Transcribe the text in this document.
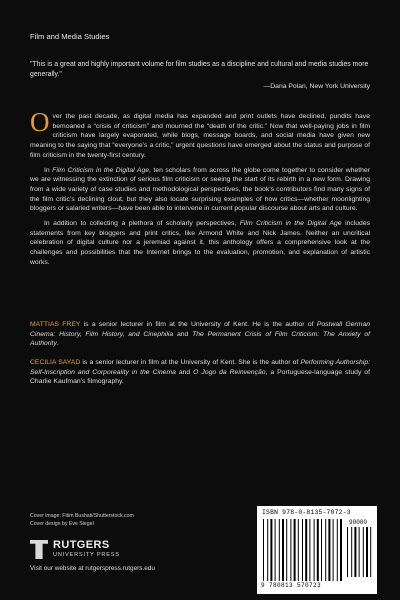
Film and Media Studies
"This is a great and highly important volume for film studies as a discipline and cultural and media studies more generally."
—Dana Polan, New York University

Over the past decade, as digital media has expanded and print outlets have declined, pundits have bemoaned a “crisis of criticism” and mourned the “death of the critic.” Now that well-paying jobs in film criticism have largely evaporated, while blogs, message boards, and social media have given new meaning to the saying that “everyone’s a critic,” urgent questions have emerged about the status and purpose of film criticism in the twenty-first century.

In Film Criticism in the Digital Age, ten scholars from across the globe come together to consider whether we are witnessing the extinction of serious film criticism or seeing the start of its rebirth in a new form. Drawing from a wide variety of case studies and methodological perspectives, the book’s contributors find many signs of the film critic’s declining clout, but they also locate surprising examples of how critics—whether moonlighting bloggers or salaried writers—have been able to intervene in current popular discourse about arts and culture.

In addition to collecting a plethora of scholarly perspectives, Film Criticism in the Digital Age includes statements from key bloggers and print critics, like Armond White and Nick James. Neither an uncritical celebration of digital culture nor a jeremiad against it, this anthology offers a comprehensive look at the challenges and possibilities that the Internet brings to the evaluation, promotion, and explanation of artistic works.

MATTIAS FREY is a senior lecturer in film at the University of Kent. He is the author of Postwall German Cinema: History, Film History, and Cinephilia and The Permanent Crisis of Film Criticism: The Anxiety of Authority.
CECILIA SAYAD is a senior lecturer in film at the University of Kent. She is the author of Performing Authorship: Self-Inscription and Corporeality in the Cinema and O Jogo da Reinvenção, a Portuguese-language study of Charlie Kaufman’s filmography.
Cover image: Fitim Bushati/Shutterstock.com
Cover design by Eve Siegel
RUTGERS
UNIVERSITY PRESS
Visit our website at rutgerspress.rutgers.edu
ISBN 978-0-8135-7072-3
90000
9 780813 570723
